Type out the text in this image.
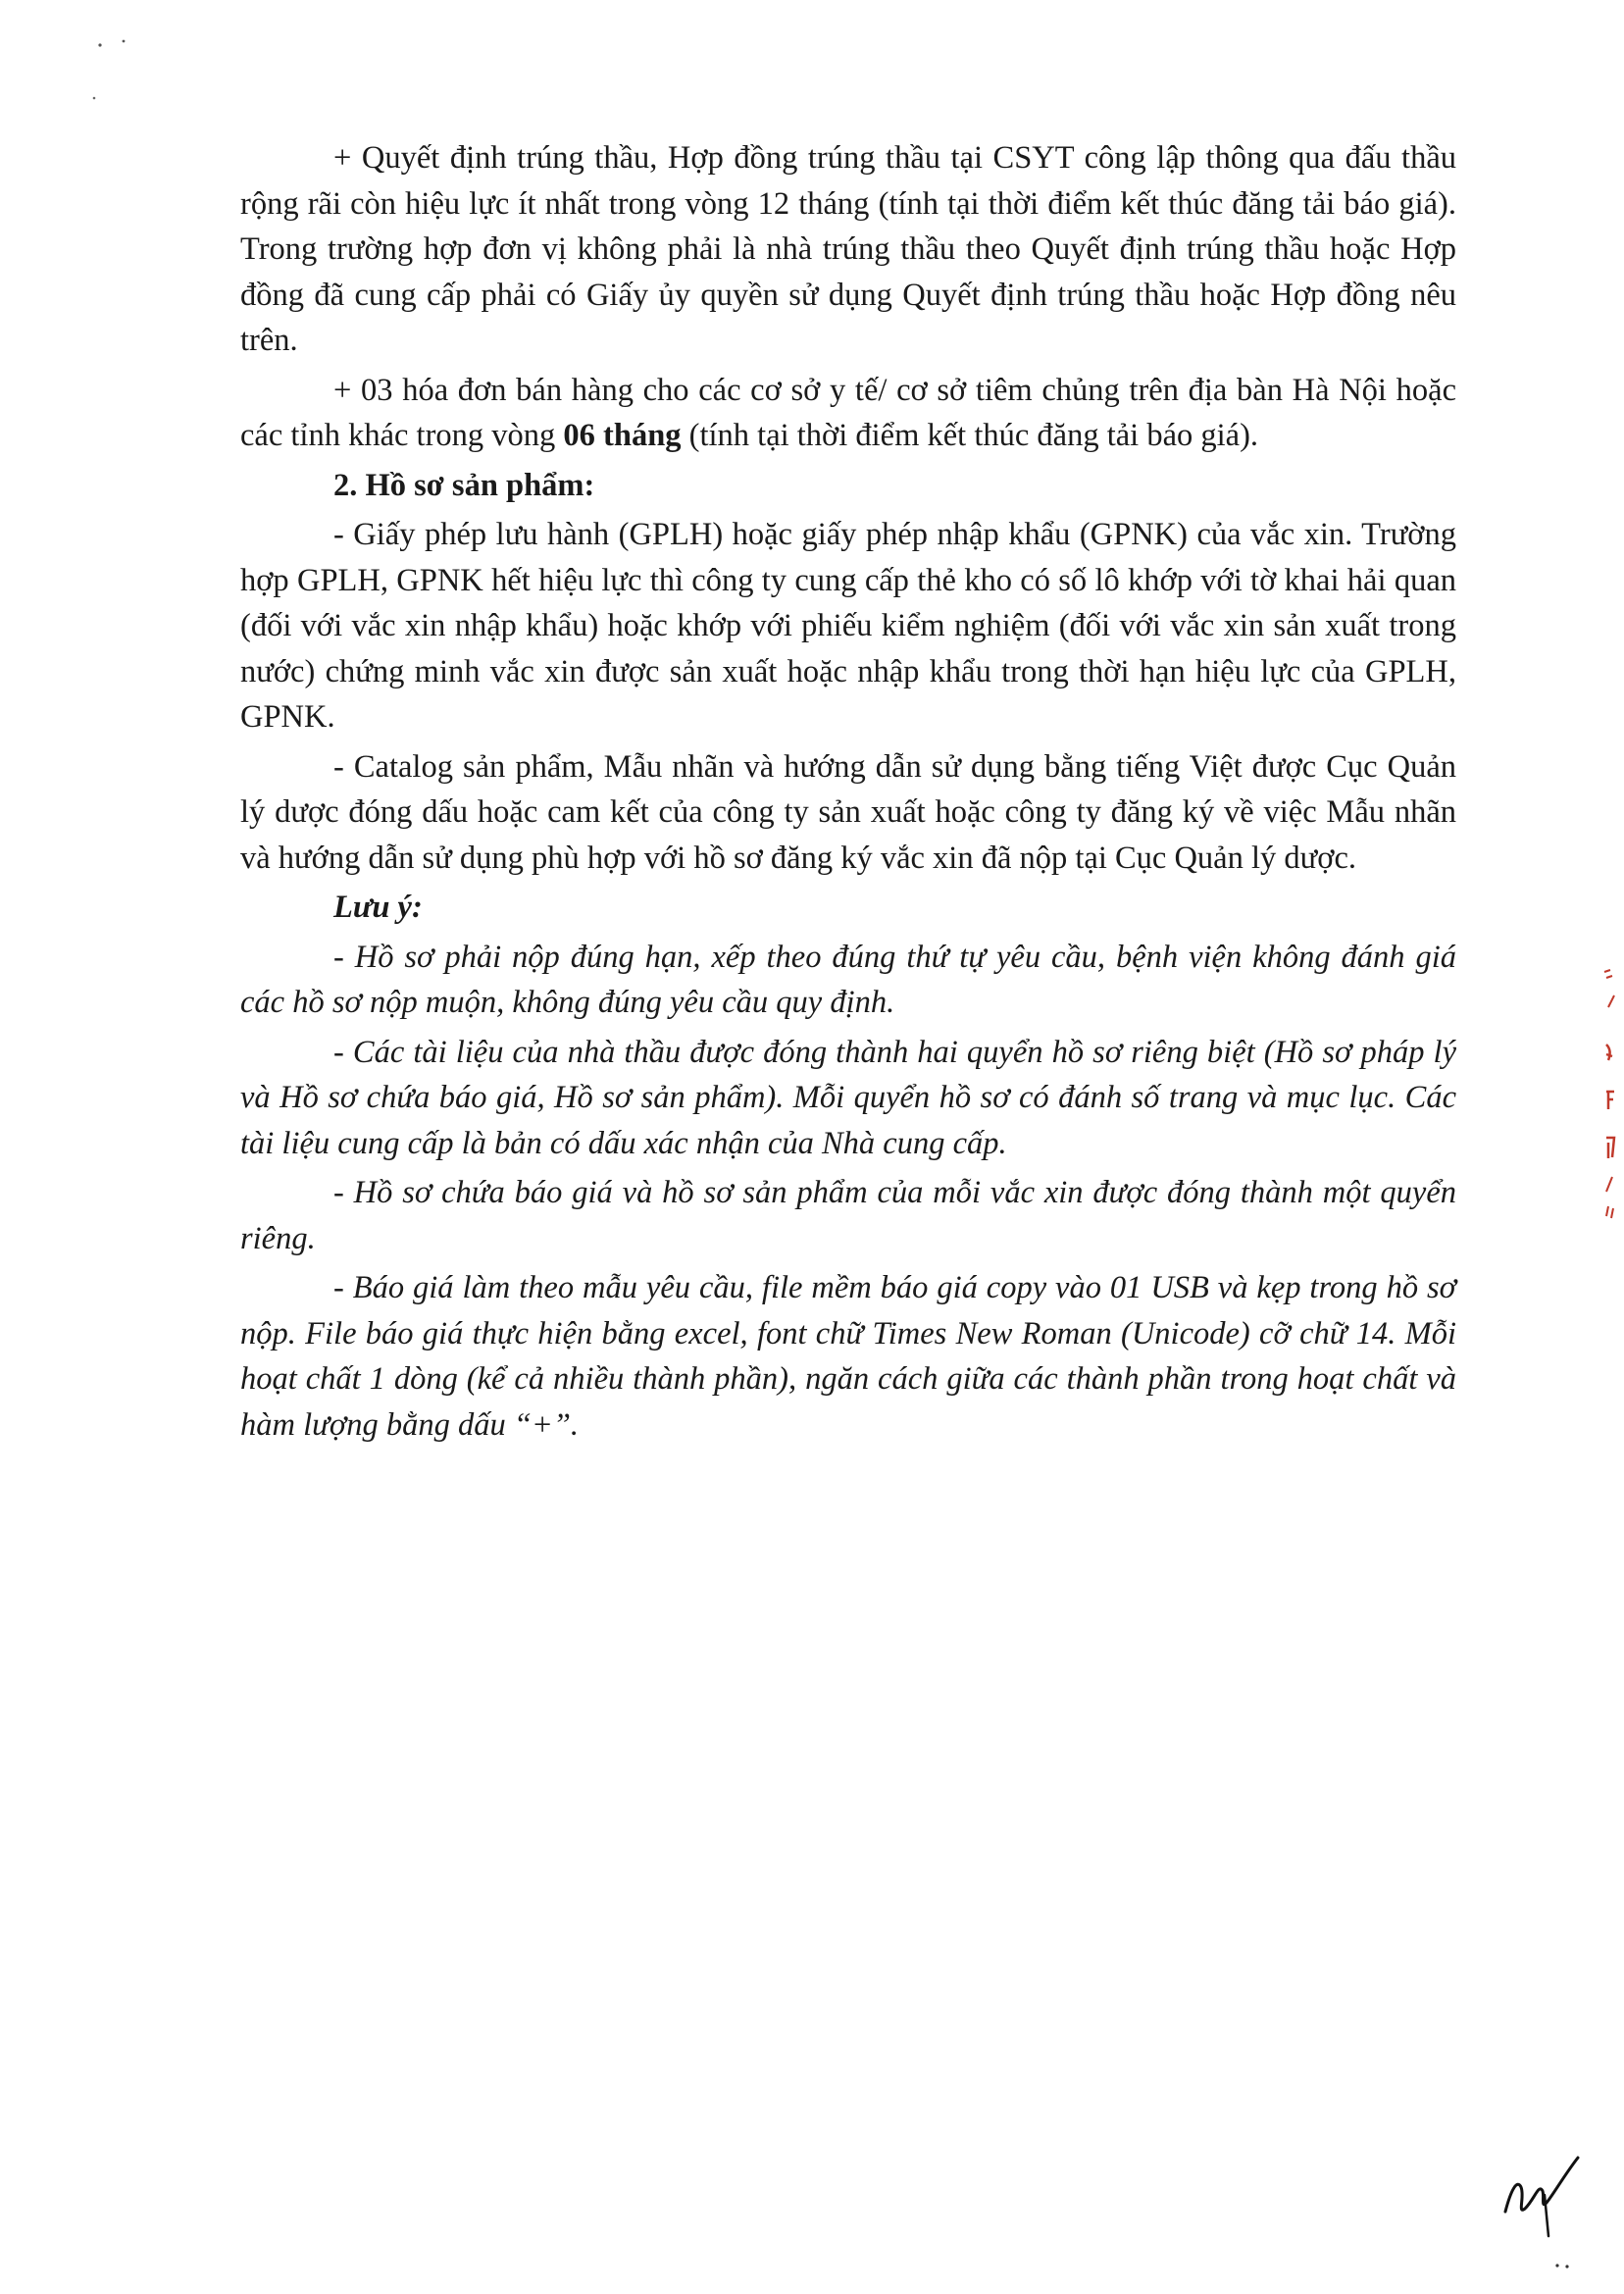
+ Quyết định trúng thầu, Hợp đồng trúng thầu tại CSYT công lập thông qua đấu thầu rộng rãi còn hiệu lực ít nhất trong vòng 12 tháng (tính tại thời điểm kết thúc đăng tải báo giá). Trong trường hợp đơn vị không phải là nhà trúng thầu theo Quyết định trúng thầu hoặc Hợp đồng đã cung cấp phải có Giấy ủy quyền sử dụng Quyết định trúng thầu hoặc Hợp đồng nêu trên.

+ 03 hóa đơn bán hàng cho các cơ sở y tế/ cơ sở tiêm chủng trên địa bàn Hà Nội hoặc các tỉnh khác trong vòng 06 tháng (tính tại thời điểm kết thúc đăng tải báo giá).

2. Hồ sơ sản phẩm:

- Giấy phép lưu hành (GPLH) hoặc giấy phép nhập khẩu (GPNK) của vắc xin. Trường hợp GPLH, GPNK hết hiệu lực thì công ty cung cấp thẻ kho có số lô khớp với tờ khai hải quan (đối với vắc xin nhập khẩu) hoặc khớp với phiếu kiểm nghiệm (đối với vắc xin sản xuất trong nước) chứng minh vắc xin được sản xuất hoặc nhập khẩu trong thời hạn hiệu lực của GPLH, GPNK.

- Catalog sản phẩm, Mẫu nhãn và hướng dẫn sử dụng bằng tiếng Việt được Cục Quản lý dược đóng dấu hoặc cam kết của công ty sản xuất hoặc công ty đăng ký về việc Mẫu nhãn và hướng dẫn sử dụng phù hợp với hồ sơ đăng ký vắc xin đã nộp tại Cục Quản lý dược.

Lưu ý:

- Hồ sơ phải nộp đúng hạn, xếp theo đúng thứ tự yêu cầu, bệnh viện không đánh giá các hồ sơ nộp muộn, không đúng yêu cầu quy định.

- Các tài liệu của nhà thầu được đóng thành hai quyển hồ sơ riêng biệt (Hồ sơ pháp lý và Hồ sơ chứa báo giá, Hồ sơ sản phẩm). Mỗi quyển hồ sơ có đánh số trang và mục lục. Các tài liệu cung cấp là bản có dấu xác nhận của Nhà cung cấp.

- Hồ sơ chứa báo giá và hồ sơ sản phẩm của mỗi vắc xin được đóng thành một quyển riêng.

- Báo giá làm theo mẫu yêu cầu, file mềm báo giá copy vào 01 USB và kẹp trong hồ sơ nộp. File báo giá thực hiện bằng excel, font chữ Times New Roman (Unicode) cỡ chữ 14. Mỗi hoạt chất 1 dòng (kể cả nhiều thành phần), ngăn cách giữa các thành phần trong hoạt chất và hàm lượng bằng dấu “+”.
